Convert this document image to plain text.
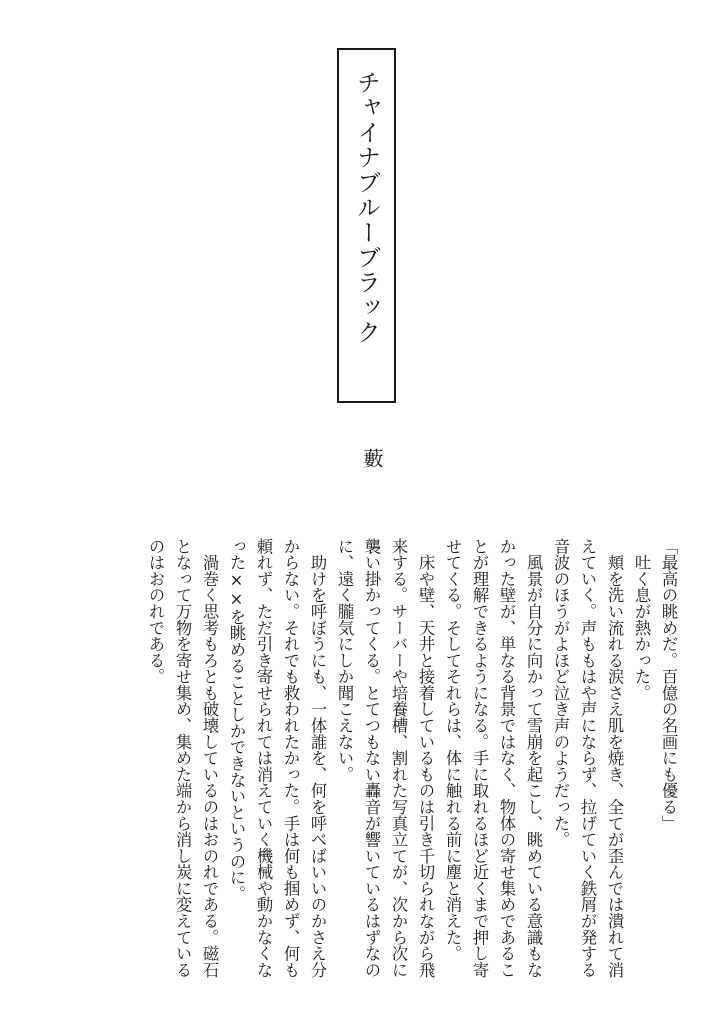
チャイナブルーブラック
藪

「最高の眺めだ。百億の名画にも優る」

　吐く息が熱かった。

　頬を洗い流れる涙さえ肌を焼き、全てが歪んでは潰れて消えていく。声ももはや声にならず、拉げていく鉄屑が発する音波のほうがよほど泣き声のようだった。

　風景が自分に向かって雪崩を起こし、眺めている意識もなかった壁が、単なる背景ではなく、物体の寄せ集めであることが理解できるようになる。手に取れるほど近くまで押し寄せてくる。そしてそれらは、体に触れる前に塵と消えた。

　床や壁、天井と接着しているものは引き千切られながら飛来する。サーバーや培養槽、割れた写真立てが、次から次に襲い掛かってくる。とてつもない轟音が響いているはずなのに、遠く朧気にしか聞こえない。

　助けを呼ぼうにも、一体誰を、何を呼べばいいのかさえ分からない。それでも救われたかった。手は何も掴めず、何も頼れず、ただ引き寄せられては消えていく機械や動かなくなった××を眺めることしかできないというのに。

　渦巻く思考もろとも破壊しているのはおのれである。磁石となって万物を寄せ集め、集めた端から消し炭に変えているのはおのれである。
